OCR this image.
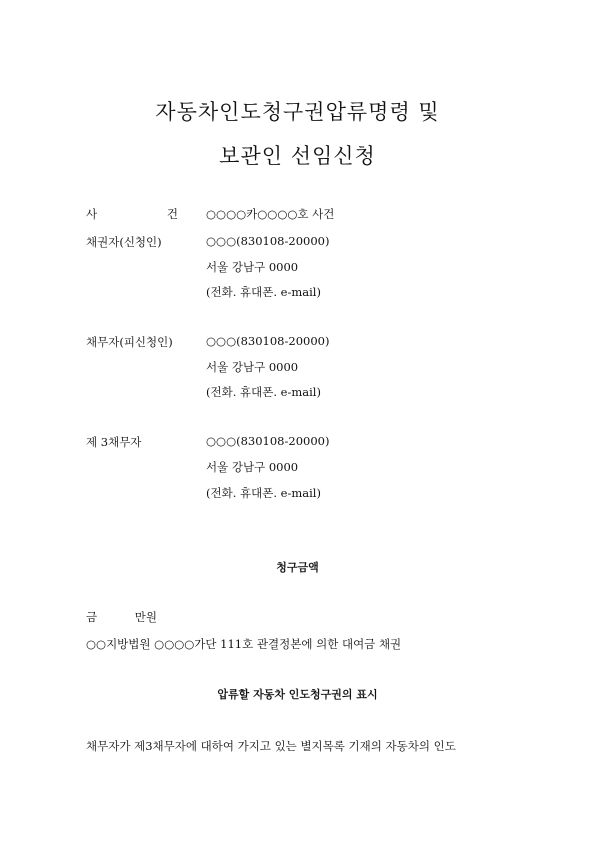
자동차인도청구권압류명령 및
보관인 선임신청
사	건 ○○○○카○○○○호 사건
채권자(신청인)	○○○(830108-20000)
서울 강남구 0000
(전화. 휴대폰. e-mail)
채무자(피신청인)	○○○(830108-20000)
서울 강남구 0000
(전화. 휴대폰. e-mail)
제 3채무자	○○○(830108-20000)
서울 강남구 0000
(전화. 휴대폰. e-mail)
청구금액
금	만원
○○지방법원 ○○○○가단 111호 관결정본에 의한 대여금 채권
압류할 자동차 인도청구권의 표시
채무자가 제3채무자에 대하여 가지고 있는 별지목록 기재의 자동차의 인도
